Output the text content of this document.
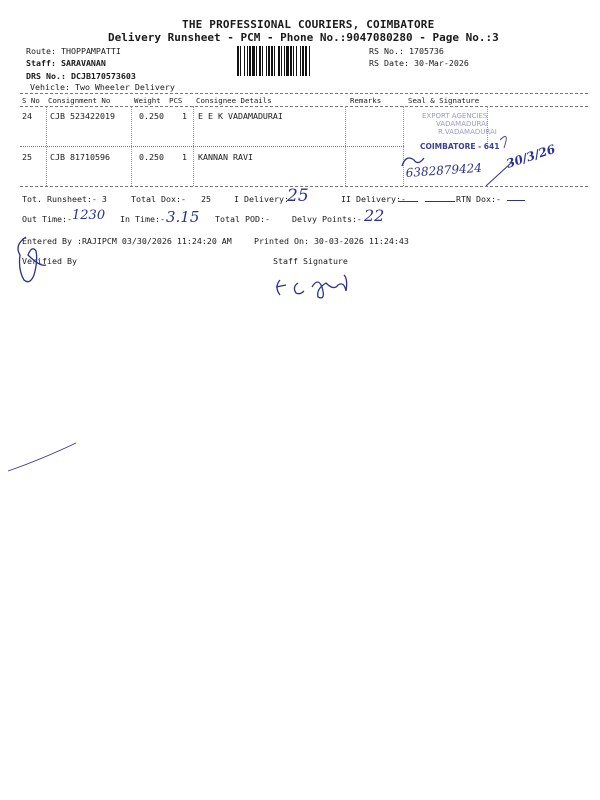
THE PROFESSIONAL COURIERS, COIMBATORE
Delivery Runsheet - PCM - Phone No.:9047080280 - Page No.:3
Route: THOPPAMPATTI
Staff: SARAVANAN
DRS No.: DCJB170573603
Vehicle: Two Wheeler Delivery
RS No.: 1705736
RS Date: 30-Mar-2026
S No Consignment No	Weight PCS Consignee Details	Remarks	Seal & Signature
24 CJB 523422019	0.250 1 E E K VADAMADURAI
25 CJB 81710596	0.250 1 KANNAN RAVI
EXPORT AGENCIES
VADAMADURAI
R.VADAMADURAI
COIMBATORE - 641
6382879424 30/3/26
Tot. Runsheet:- 3	Total Dox:- 25	I Delivery:-
25	II Delivery:-	RTN Dox:-
Out Time:- 1230 In Time:- 3.15 Total POD:-	Delvy Points:- 22
Entered By :RAJIPCM 03/30/2026 11:24:20 AM	Printed On: 30-03-2026 11:24:43
Verified By	Staff Signature
